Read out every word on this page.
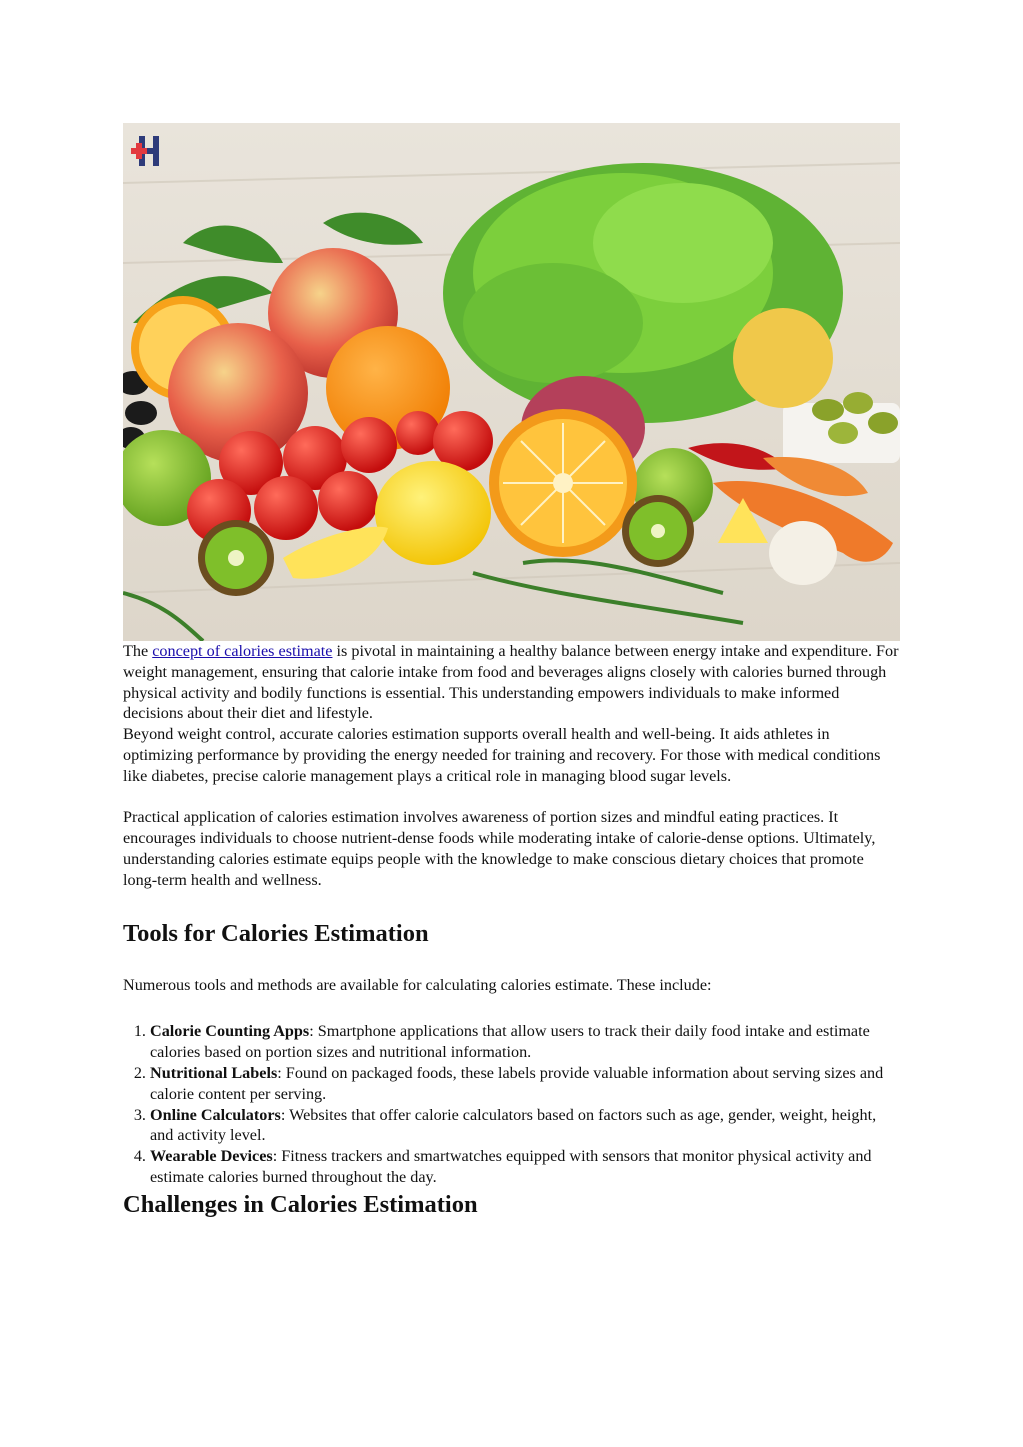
The concept of calories estimate is pivotal in maintaining a healthy balance between energy intake and expenditure. For weight management, ensuring that calorie intake from food and beverages aligns closely with calories burned through physical activity and bodily functions is essential. This understanding empowers individuals to make informed decisions about their diet and lifestyle.

Beyond weight control, accurate calories estimation supports overall health and well-being. It aids athletes in optimizing performance by providing the energy needed for training and recovery. For those with medical conditions like diabetes, precise calorie management plays a critical role in managing blood sugar levels.

Practical application of calories estimation involves awareness of portion sizes and mindful eating practices. It encourages individuals to choose nutrient-dense foods while moderating intake of calorie-dense options. Ultimately, understanding calories estimate equips people with the knowledge to make conscious dietary choices that promote long-term health and wellness.

Tools for Calories Estimation

Numerous tools and methods are available for calculating calories estimate. These include:

1. Calorie Counting Apps: Smartphone applications that allow users to track their daily food intake and estimate calories based on portion sizes and nutritional information.
2. Nutritional Labels: Found on packaged foods, these labels provide valuable information about serving sizes and calorie content per serving.
3. Online Calculators: Websites that offer calorie calculators based on factors such as age, gender, weight, height, and activity level.
4. Wearable Devices: Fitness trackers and smartwatches equipped with sensors that monitor physical activity and estimate calories burned throughout the day.
Challenges in Calories Estimation
